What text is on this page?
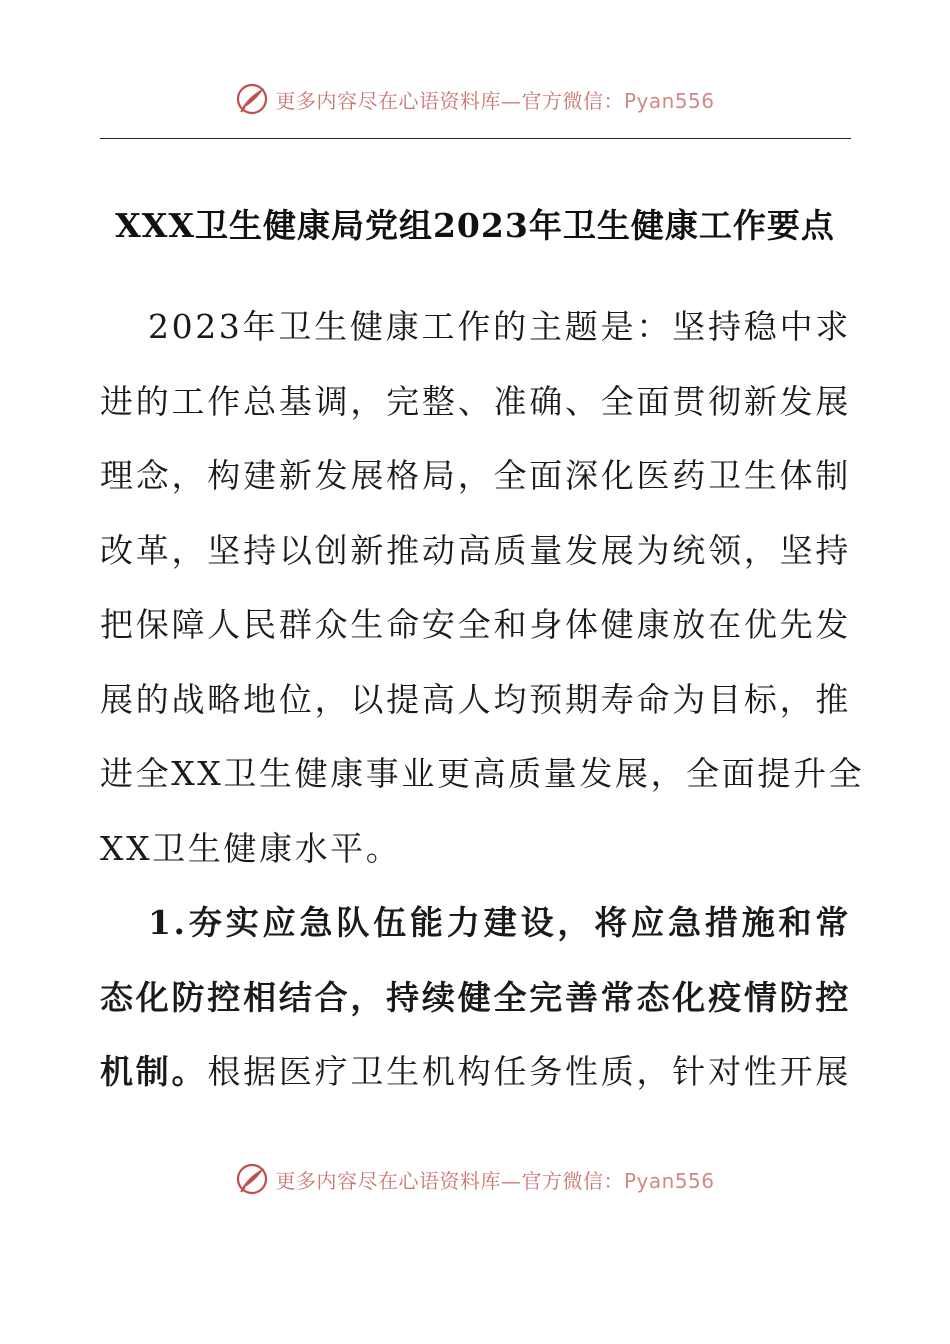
更多内容尽在心语资料库—官方微信：Pyan556
XXX卫生健康局党组2023年卫生健康工作要点
2023年卫生健康工作的主题是：坚持稳中求
进的工作总基调，完整、准确、全面贯彻新发展
理念，构建新发展格局，全面深化医药卫生体制
改革，坚持以创新推动高质量发展为统领，坚持
把保障人民群众生命安全和身体健康放在优先发
展的战略地位，以提高人均预期寿命为目标，推
进全XX卫生健康事业更高质量发展，全面提升全
XX卫生健康水平。
1.夯实应急队伍能力建设，将应急措施和常
态化防控相结合，持续健全完善常态化疫情防控
机制。根据医疗卫生机构任务性质，针对性开展
更多内容尽在心语资料库—官方微信：Pyan556
